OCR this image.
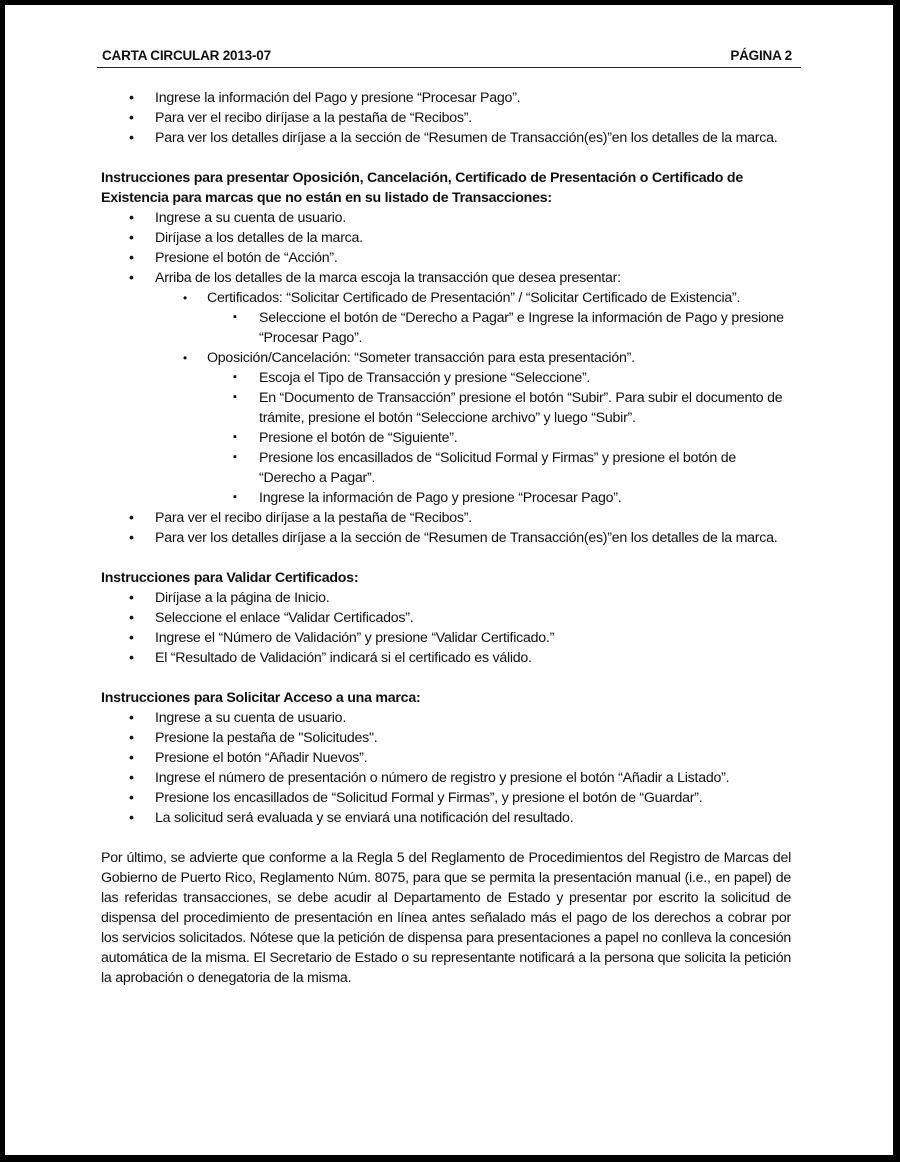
CARTA CIRCULAR 2013-07	PÁGINA 2
• Ingrese la información del Pago y presione “Procesar Pago”.
• Para ver el recibo diríjase a la pestaña de “Recibos”.
• Para ver los detalles diríjase a la sección de “Resumen de Transacción(es)”en los detalles de la marca.

Instrucciones para presentar Oposición, Cancelación, Certificado de Presentación o Certificado de Existencia para marcas que no están en su listado de Transacciones:

• Ingrese a su cuenta de usuario.
• Diríjase a los detalles de la marca.
• Presione el botón de “Acción”.
• Arriba de los detalles de la marca escoja la transacción que desea presentar:
• Certificados: “Solicitar Certificado de Presentación” / “Solicitar Certificado de Existencia”.
▪ Seleccione el botón de “Derecho a Pagar” e Ingrese la información de Pago y presione “Procesar Pago”.
• Oposición/Cancelación: “Someter transacción para esta presentación”.
▪ Escoja el Tipo de Transacción y presione “Seleccione”.
▪ En “Documento de Transacción” presione el botón “Subir”. Para subir el documento de trámite, presione el botón “Seleccione archivo” y luego “Subir”.
▪ Presione el botón de “Siguiente”.
▪ Presione los encasillados de “Solicitud Formal y Firmas” y presione el botón de “Derecho a Pagar”.
▪ Ingrese la información de Pago y presione “Procesar Pago”.
• Para ver el recibo diríjase a la pestaña de “Recibos”.
• Para ver los detalles diríjase a la sección de “Resumen de Transacción(es)”en los detalles de la marca.

Instrucciones para Validar Certificados:

• Diríjase a la página de Inicio.
• Seleccione el enlace “Validar Certificados”.
• Ingrese el “Número de Validación” y presione “Validar Certificado.”
• El “Resultado de Validación” indicará si el certificado es válido.

Instrucciones para Solicitar Acceso a una marca:

• Ingrese a su cuenta de usuario.
• Presione la pestaña de "Solicitudes".
• Presione el botón “Añadir Nuevos”.
• Ingrese el número de presentación o número de registro y presione el botón “Añadir a Listado”.
• Presione los encasillados de “Solicitud Formal y Firmas”, y presione el botón de “Guardar”.
• La solicitud será evaluada y se enviará una notificación del resultado.

Por último, se advierte que conforme a la Regla 5 del Reglamento de Procedimientos del Registro de Marcas del Gobierno de Puerto Rico, Reglamento Núm. 8075, para que se permita la presentación manual (i.e., en papel) de las referidas transacciones, se debe acudir al Departamento de Estado y presentar por escrito la solicitud de dispensa del procedimiento de presentación en línea antes señalado más el pago de los derechos a cobrar por los servicios solicitados. Nótese que la petición de dispensa para presentaciones a papel no conlleva la concesión automática de la misma. El Secretario de Estado o su representante notificará a la persona que solicita la petición la aprobación o denegatoria de la misma.
